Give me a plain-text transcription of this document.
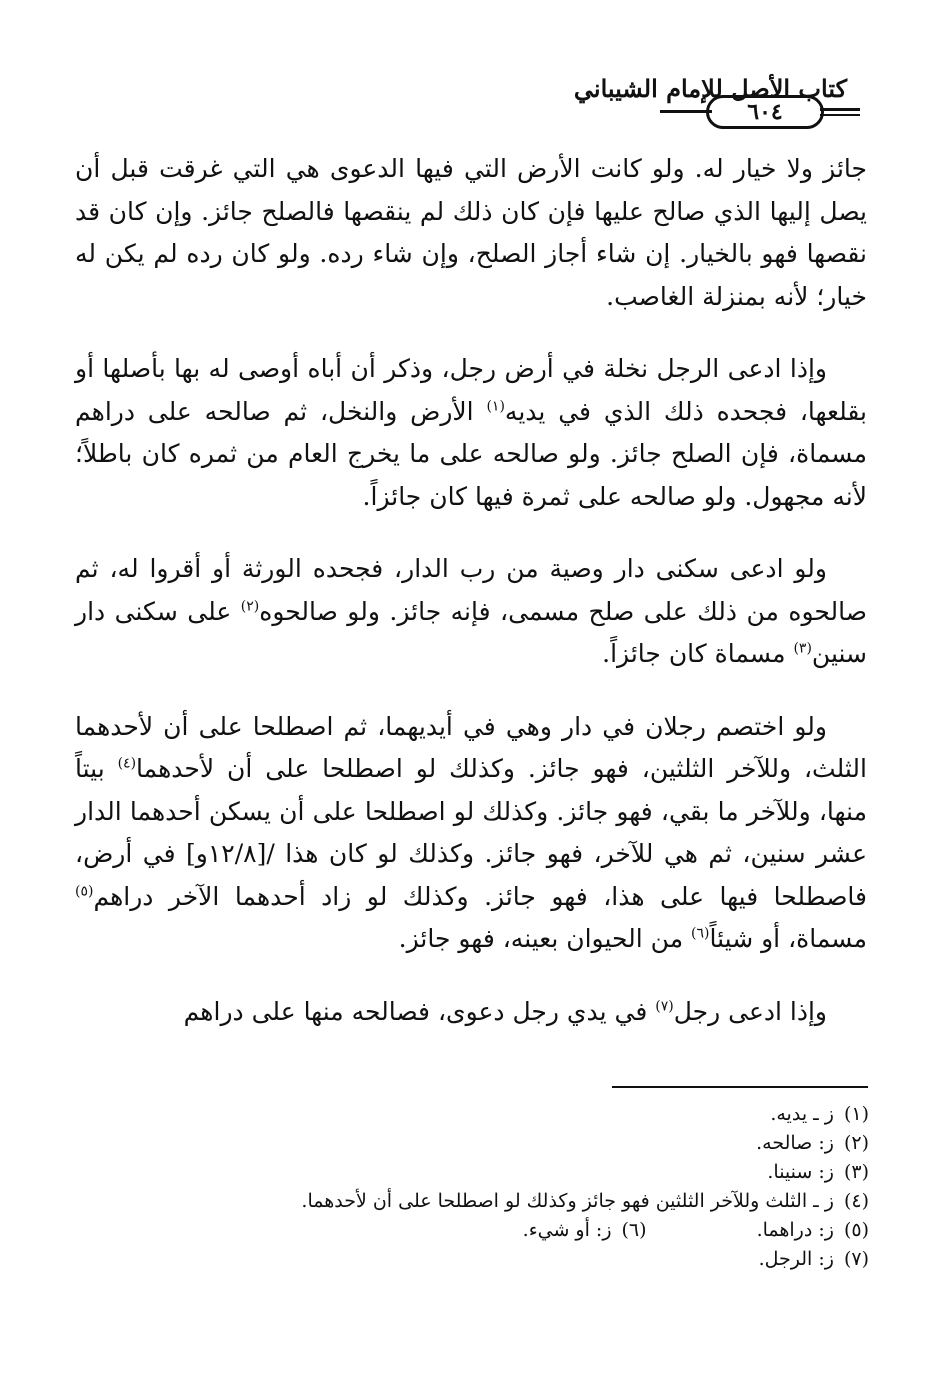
كتاب الأصل للإمام الشيباني
٦٠٤

جائز ولا خيار له. ولو كانت الأرض التي فيها الدعوى هي التي غرقت قبل أن يصل إليها الذي صالح عليها فإن كان ذلك لم ينقصها فالصلح جائز. وإن كان قد نقصها فهو بالخيار. إن شاء أجاز الصلح، وإن شاء رده. ولو كان رده لم يكن له خيار؛ لأنه بمنزلة الغاصب.

وإذا ادعى الرجل نخلة في أرض رجل، وذكر أن أباه أوصى له بها بأصلها أو بقلعها، فجحده ذلك الذي في يديه$^{(١)}$ الأرض والنخل، ثم صالحه على دراهم مسماة، فإن الصلح جائز. ولو صالحه على ما يخرج العام من ثمره كان باطلاً؛ لأنه مجهول. ولو صالحه على ثمرة فيها كان جائزاً.

ولو ادعى سكنى دار وصية من رب الدار، فجحده الورثة أو أقروا له، ثم صالحوه من ذلك على صلح مسمى، فإنه جائز. ولو صالحوه$^{(٢)}$ على سكنى دار سنين$^{(٣)}$ مسماة كان جائزاً.

ولو اختصم رجلان في دار وهي في أيديهما، ثم اصطلحا على أن لأحدهما الثلث، وللآخر الثلثين، فهو جائز. وكذلك لو اصطلحا على أن لأحدهما$^{(٤)}$ بيتاً منها، وللآخر ما بقي، فهو جائز. وكذلك لو اصطلحا على أن يسكن أحدهما الدار عشر سنين، ثم هي للآخر، فهو جائز. وكذلك لو كان هذا /[١٢/٨و] في أرض، فاصطلحا فيها على هذا، فهو جائز. وكذلك لو زاد أحدهما الآخر دراهم$^{(٥)}$ مسماة، أو شيئاً$^{(٦)}$ من الحيوان بعينه، فهو جائز.

وإذا ادعى رجل$^{(٧)}$ في يدي رجل دعوى، فصالحه منها على دراهم

(١)
ز ـ يديه.
(٢)
ز: صالحه.
(٣)
ز: سنينا.
(٤)
ز ـ الثلث وللآخر الثلثين فهو جائز وكذلك لو اصطلحا على أن لأحدهما.
(٥)
ز: دراهما.
(٦)
ز: أو شيء.
(٧)
ز: الرجل.
